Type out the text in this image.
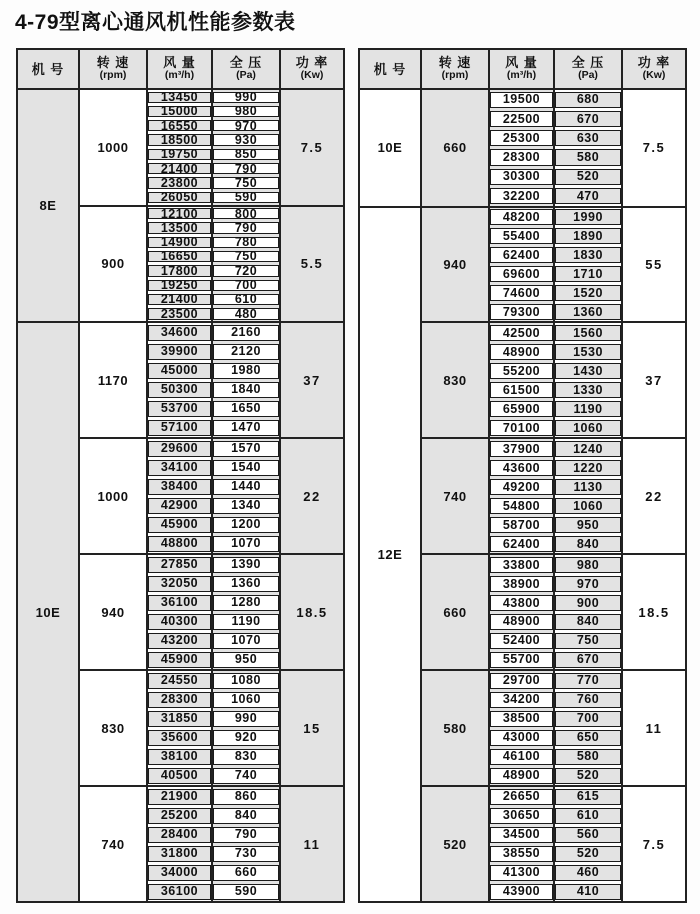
4-79型离心通风机性能参数表
机 号 转 速
(rpm)
风 量
(m³/h)
全 压
(Pa)
功 率
(Kw)
8E
1000
13450	990
15000	980
16550	970
18500	930
19750	850
21400	790
23800	750
26050	590
7.5
900
12100	800
13500	790
14900	780
16650	750
17800	720
19250	700
21400	610
23500	480
5.5
10E
1170
34600	2160
39900	2120
45000	1980
50300	1840
53700	1650
57100	1470
37
1000
29600	1570
34100	1540
38400	1440
42900	1340
45900	1200
48800	1070
22
940
27850	1390
32050	1360
36100	1280
40300	1190
43200	1070
45900	950
18.5
830
24550	1080
28300	1060
31850	990
35600	920
38100	830
40500	740
15
740
21900	860
25200	840
28400	790
31800	730
34000	660
36100	590
11
机 号 转 速
(rpm)
风 量
(m³/h)
全 压
(Pa)
功 率
(Kw)
10E	660
19500	680
22500	670
25300	630
28300	580
30300	520
32200	470
7.5
12E
940
48200	1990
55400	1890
62400	1830
69600	1710
74600	1520
79300	1360
55
830
42500	1560
48900	1530
55200	1430
61500	1330
65900	1190
70100	1060
37
740
37900	1240
43600	1220
49200	1130
54800	1060
58700	950
62400	840
22
660
33800	980
38900	970
43800	900
48900	840
52400	750
55700	670
18.5
580
29700	770
34200	760
38500	700
43000	650
46100	580
48900	520
11
520
26650	615
30650	610
34500	560
38550	520
41300	460
43900	410
7.5
